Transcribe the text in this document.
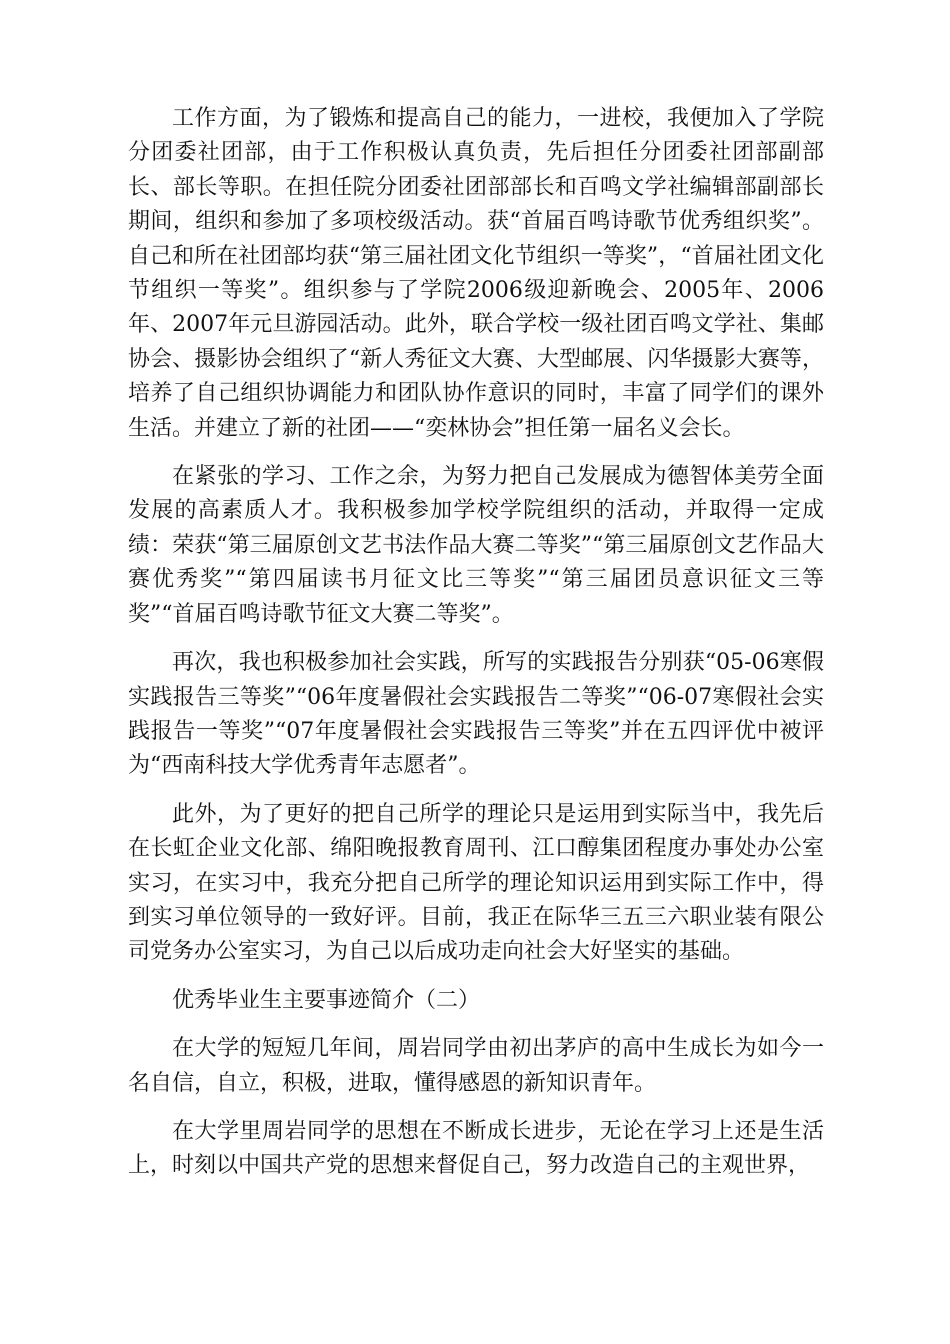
工作方面，为了锻炼和提高自己的能力，一进校，我便加入了学院分团委社团部，由于工作积极认真负责，先后担任分团委社团部副部长、部长等职。在担任院分团委社团部部长和百鸣文学社编辑部副部长期间，组织和参加了多项校级活动。获“首届百鸣诗歌节优秀组织奖”。自己和所在社团部均获“第三届社团文化节组织一等奖”，“首届社团文化节组织一等奖”。组织参与了学院2006级迎新晚会、2005年、2006年、2007年元旦游园活动。此外，联合学校一级社团百鸣文学社、集邮协会、摄影协会组织了“新人秀征文大赛、大型邮展、闪华摄影大赛等，培养了自己组织协调能力和团队协作意识的同时，丰富了同学们的课外生活。并建立了新的社团——“奕林协会”担任第一届名义会长。

在紧张的学习、工作之余，为努力把自己发展成为德智体美劳全面发展的高素质人才。我积极参加学校学院组织的活动，并取得一定成绩：荣获“第三届原创文艺书法作品大赛二等奖”“第三届原创文艺作品大赛优秀奖”“第四届读书月征文比三等奖”“第三届团员意识征文三等奖”“首届百鸣诗歌节征文大赛二等奖”。

再次，我也积极参加社会实践，所写的实践报告分别获“05-06寒假实践报告三等奖”“06年度暑假社会实践报告二等奖”“06-07寒假社会实践报告一等奖”“07年度暑假社会实践报告三等奖”并在五四评优中被评为“西南科技大学优秀青年志愿者”。

此外，为了更好的把自己所学的理论只是运用到实际当中，我先后在长虹企业文化部、绵阳晚报教育周刊、江口醇集团程度办事处办公室实习，在实习中，我充分把自己所学的理论知识运用到实际工作中，得到实习单位领导的一致好评。目前，我正在际华三五三六职业装有限公司党务办公室实习，为自己以后成功走向社会大好坚实的基础。

优秀毕业生主要事迹简介（二）

在大学的短短几年间，周岩同学由初出茅庐的高中生成长为如今一名自信，自立，积极，进取，懂得感恩的新知识青年。

在大学里周岩同学的思想在不断成长进步，无论在学习上还是生活上，时刻以中国共产党的思想来督促自己，努力改造自己的主观世界，
